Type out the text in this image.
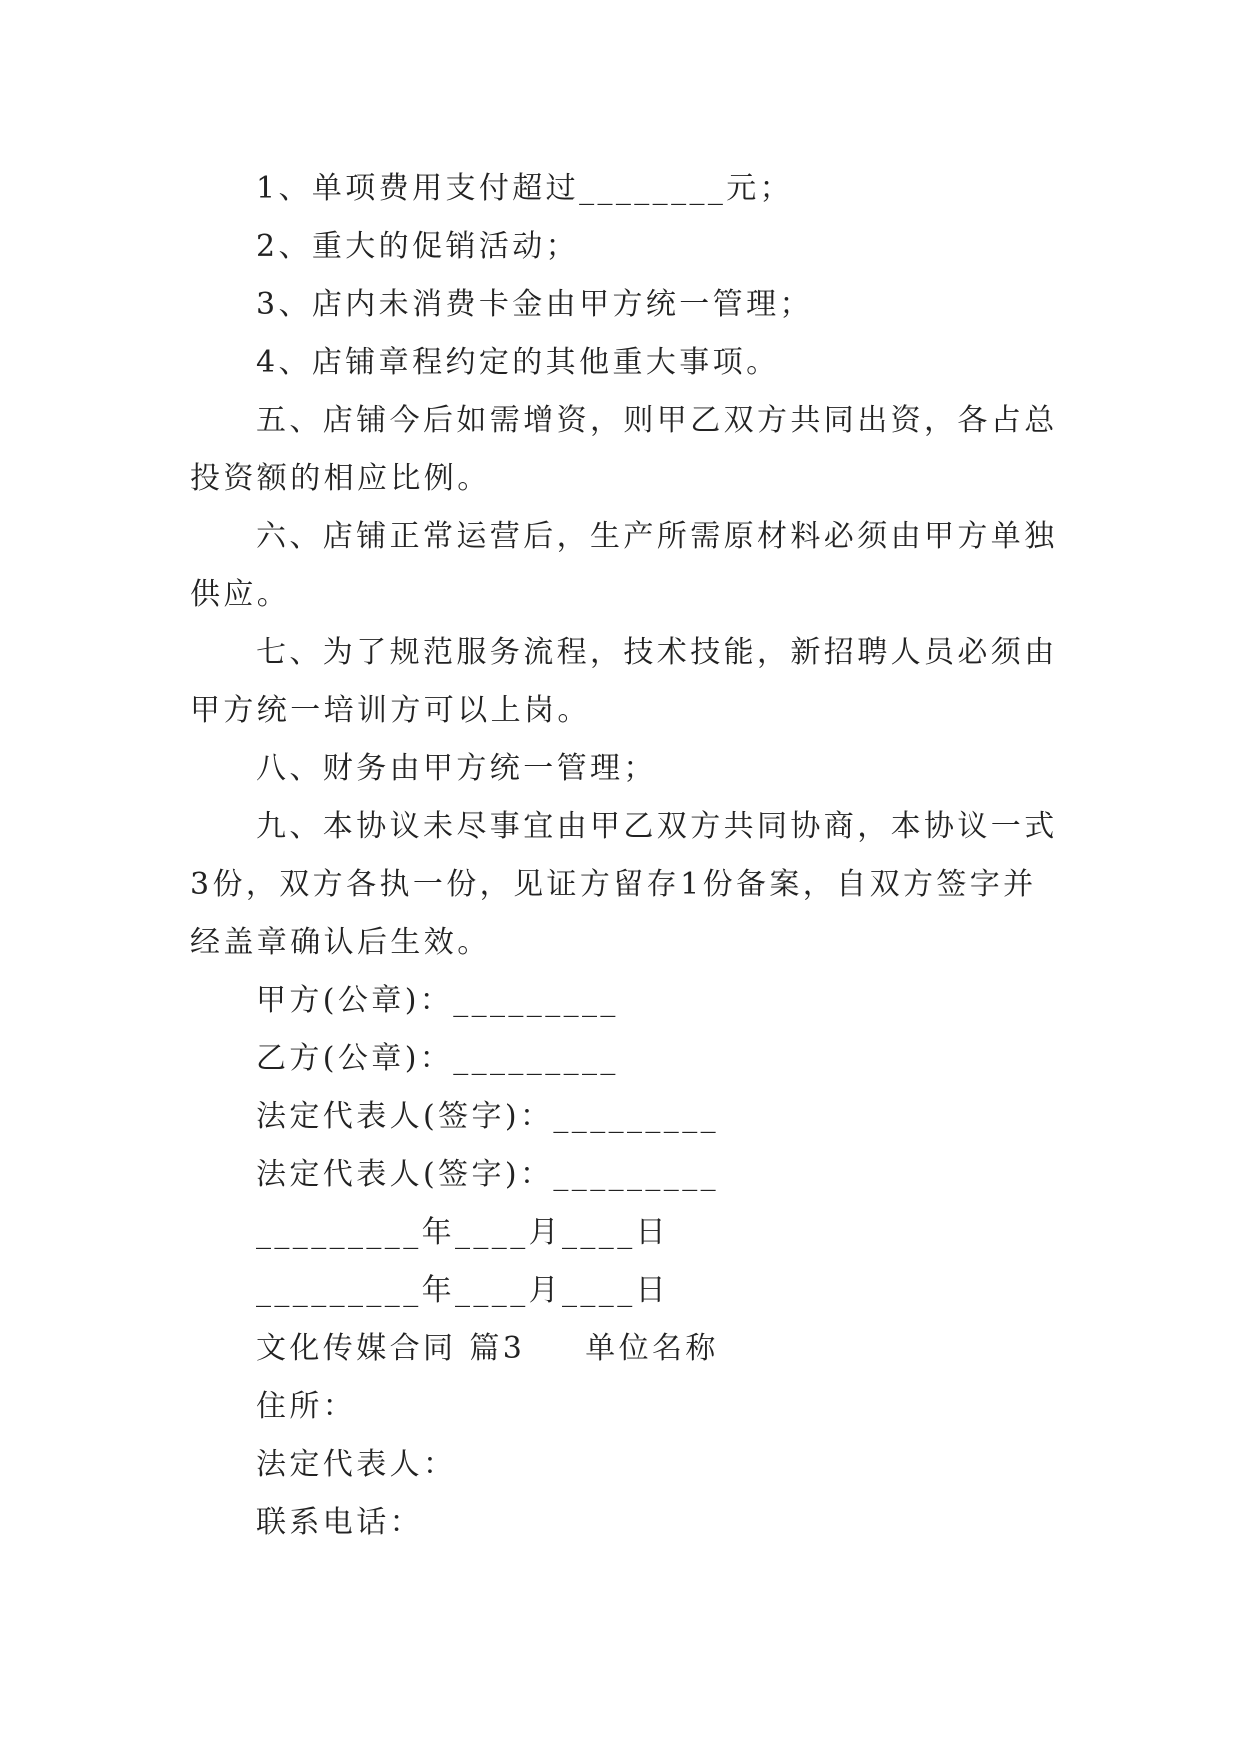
1、单项费用支付超过________元；
2、重大的促销活动；
3、店内未消费卡金由甲方统一管理；
4、店铺章程约定的其他重大事项。
五、店铺今后如需增资，则甲乙双方共同出资，各占总
投资额的相应比例。
六、店铺正常运营后，生产所需原材料必须由甲方单独
供应。
七、为了规范服务流程，技术技能，新招聘人员必须由
甲方统一培训方可以上岗。
八、财务由甲方统一管理；
九、本协议未尽事宜由甲乙双方共同协商，本协议一式
3份，双方各执一份，见证方留存1份备案，自双方签字并
经盖章确认后生效。
甲方(公章)：_________
乙方(公章)：_________
法定代表人(签字)：_________
法定代表人(签字)：_________
_________年____月____日
_________年____月____日
文化传媒合同 篇3 单位名称
住所：
法定代表人：
联系电话：
